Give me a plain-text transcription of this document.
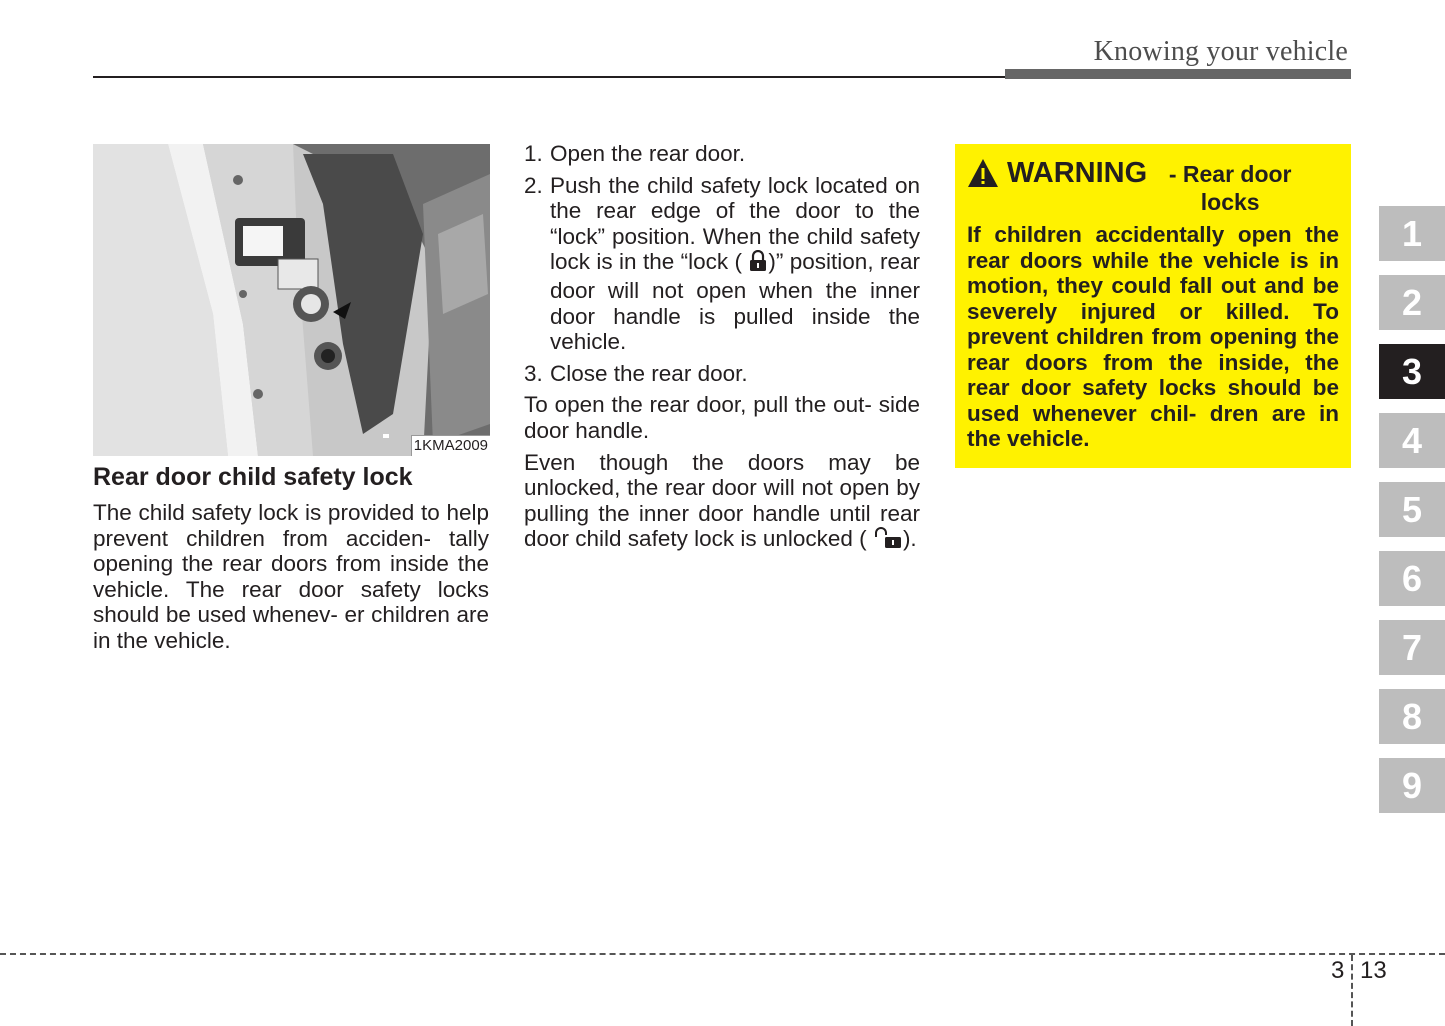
Knowing your vehicle
1KMA2009
Rear door child safety lock

The child safety lock is provided to help prevent children from acciden- tally opening the rear doors from inside the vehicle. The rear door safety locks should be used whenev- er children are in the vehicle.

1. Open the rear door.
2. Push the child safety lock located on the rear edge of the door to the “lock” position. When the child safety lock is in the “lock ( )” position, rear door will not open when the inner door handle is pulled inside the vehicle.
3. Close the rear door.

To open the rear door, pull the out- side door handle.

Even though the doors may be unlocked, the rear door will not open by pulling the inner door handle until rear door child safety lock is unlocked ( ).

WARNING - Rear door locks
If children accidentally open the rear doors while the vehicle is in motion, they could fall out and be severely injured or killed. To prevent children from opening the rear doors from the inside, the rear door safety locks should be used whenever chil- dren are in the vehicle.
1
2
3
4
5
6
7
8
9
3 13
